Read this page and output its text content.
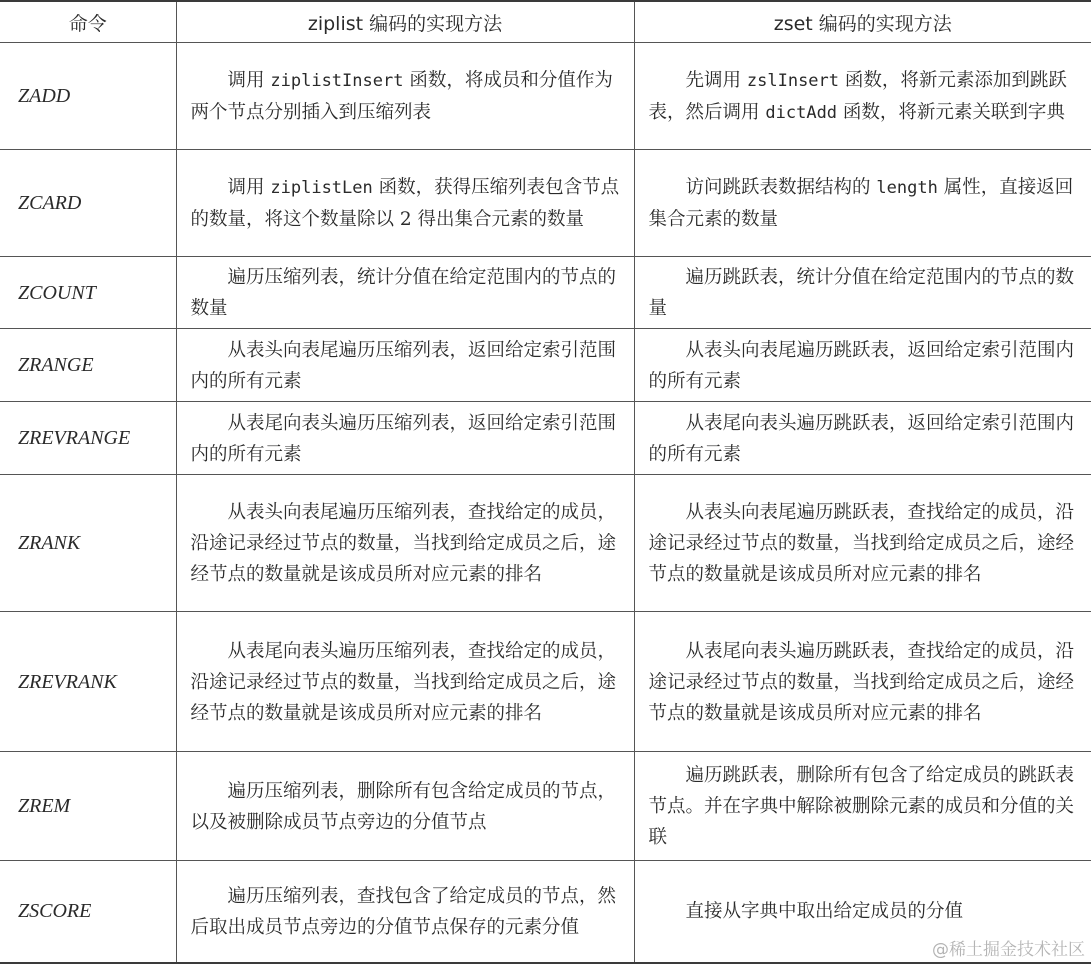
命令	ziplist 编码的实现方法	zset 编码的实现方法
ZADD	调用 ziplistInsert 函数，将成员和分值作为两个节点分别插入到压缩列表	先调用 zslInsert 函数，将新元素添加到跳跃表，然后调用 dictAdd 函数，将新元素关联到字典
ZCARD	调用 ziplistLen 函数，获得压缩列表包含节点的数量，将这个数量除以 2 得出集合元素的数量	访问跳跃表数据结构的 length 属性，直接返回集合元素的数量
ZCOUNT	遍历压缩列表，统计分值在给定范围内的节点的数量	遍历跳跃表，统计分值在给定范围内的节点的数量
ZRANGE	从表头向表尾遍历压缩列表，返回给定索引范围内的所有元素	从表头向表尾遍历跳跃表，返回给定索引范围内的所有元素
ZREVRANGE	从表尾向表头遍历压缩列表，返回给定索引范围内的所有元素	从表尾向表头遍历跳跃表，返回给定索引范围内的所有元素
ZRANK	从表头向表尾遍历压缩列表，查找给定的成员，沿途记录经过节点的数量，当找到给定成员之后，途经节点的数量就是该成员所对应元素的排名	从表头向表尾遍历跳跃表，查找给定的成员，沿途记录经过节点的数量，当找到给定成员之后，途经节点的数量就是该成员所对应元素的排名
ZREVRANK	从表尾向表头遍历压缩列表，查找给定的成员，沿途记录经过节点的数量，当找到给定成员之后，途经节点的数量就是该成员所对应元素的排名	从表尾向表头遍历跳跃表，查找给定的成员，沿途记录经过节点的数量，当找到给定成员之后，途经节点的数量就是该成员所对应元素的排名
ZREM	遍历压缩列表，删除所有包含给定成员的节点，以及被删除成员节点旁边的分值节点	遍历跳跃表，删除所有包含了给定成员的跳跃表节点。并在字典中解除被删除元素的成员和分值的关联
ZSCORE	遍历压缩列表，查找包含了给定成员的节点，然后取出成员节点旁边的分值节点保存的元素分值	直接从字典中取出给定成员的分值
@稀土掘金技术社区
